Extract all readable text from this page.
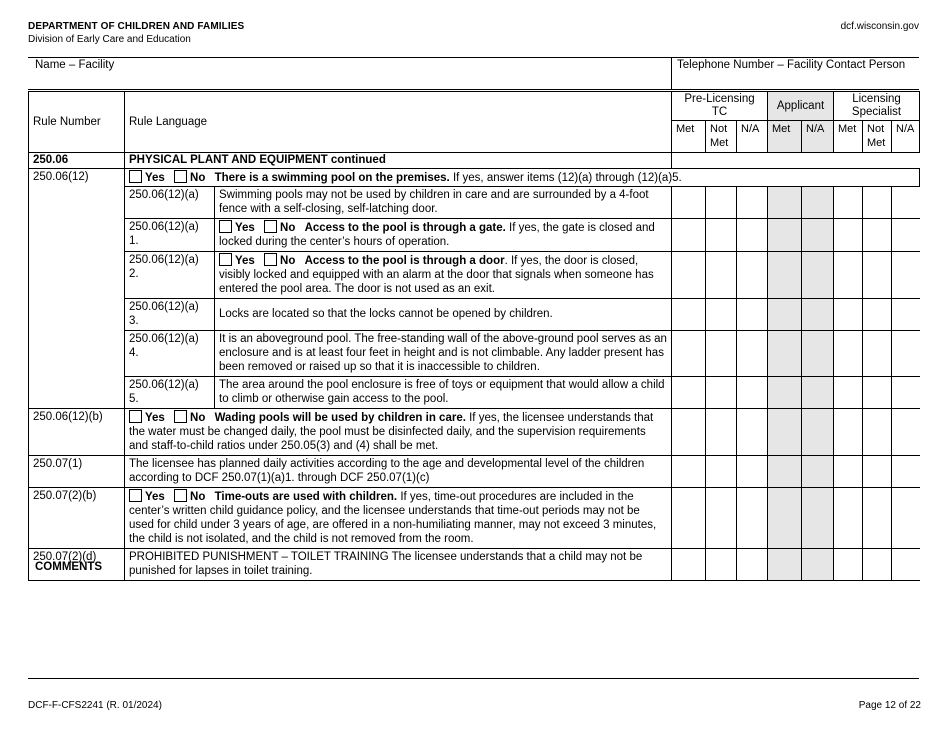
DEPARTMENT OF CHILDREN AND FAMILIES
Division of Early Care and Education
dcf.wisconsin.gov
Name – Facility	Telephone Number – Facility Contact Person
Rule Number	Rule Language		Pre-Licensing TC			Applicant		Licensing Specialist		
			Met	Not Met	N/A	Met	N/A	Met	Not Met	N/A
250.06	PHYSICAL PLANT AND EQUIPMENT continued									
250.06(12)	Yes No There is a swimming pool on the premises. If yes, answer items (12)(a) through (12)(a)5.									
	250.06(12)(a)	Swimming pools may not be used by children in care and are surrounded by a 4-foot fence with a self-closing, self-latching door.								
	250.06(12)(a) 1.	Yes No Access to the pool is through a gate. If yes, the gate is closed and locked during the center’s hours of operation.								
	250.06(12)(a) 2.	Yes No Access to the pool is through a door. If yes, the door is closed, visibly locked and equipped with an alarm at the door that signals when someone has entered the pool area. The door is not used as an exit.								
	250.06(12)(a) 3.	Locks are located so that the locks cannot be opened by children.								
	250.06(12)(a) 4.	It is an aboveground pool. The free-standing wall of the above-ground pool serves as an enclosure and is at least four feet in height and is not climbable. Any ladder present has been removed or raised up so that it is inaccessible to children.								
	250.06(12)(a) 5.	The area around the pool enclosure is free of toys or equipment that would allow a child to climb or otherwise gain access to the pool.								
250.06(12)(b)	Yes No Wading pools will be used by children in care. If yes, the licensee understands that the water must be changed daily, the pool must be disinfected daily, and the supervision requirements and staff-to-child ratios under 250.05(3) and (4) shall be met.									
250.07(1)	The licensee has planned daily activities according to the age and developmental level of the children according to DCF 250.07(1)(a)1. through DCF 250.07(1)(c)									
250.07(2)(b)	Yes No Time-outs are used with children. If yes, time-out procedures are included in the center’s written child guidance policy, and the licensee understands that time-out periods may not be used for child under 3 years of age, are offered in a non-humiliating manner, may not exceed 3 minutes, the child is not isolated, and the child is not removed from the room.									
250.07(2)(d)	PROHIBITED PUNISHMENT – TOILET TRAINING The licensee understands that a child may not be punished for lapses in toilet training.									
COMMENTS
DCF-F-CFS2241 (R. 01/2024)	Page 12 of 22
